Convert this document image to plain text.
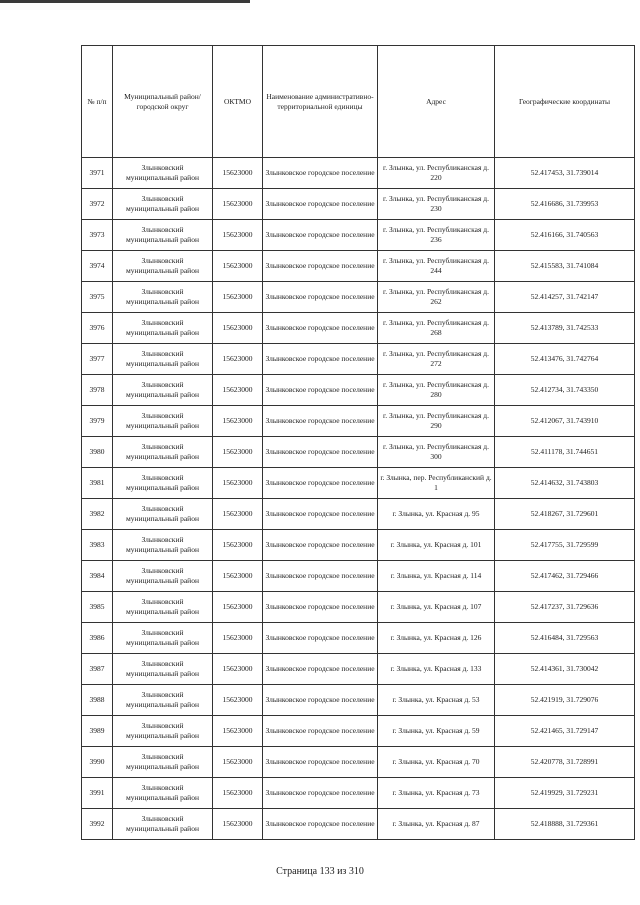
№ п/п	Муниципальный район/городской округ	ОКТМО	Наименование административно-территориальной единицы	Адрес	Географические координаты
3971	Злынковский муниципальный район	15623000	Злынковское городское поселение	г. Злынка, ул. Республиканская д. 220	52.417453, 31.739014
3972	Злынковский муниципальный район	15623000	Злынковское городское поселение	г. Злынка, ул. Республиканская д. 230	52.416686, 31.739953
3973	Злынковский муниципальный район	15623000	Злынковское городское поселение	г. Злынка, ул. Республиканская д. 236	52.416166, 31.740563
3974	Злынковский муниципальный район	15623000	Злынковское городское поселение	г. Злынка, ул. Республиканская д. 244	52.415583, 31.741084
3975	Злынковский муниципальный район	15623000	Злынковское городское поселение	г. Злынка, ул. Республиканская д. 262	52.414257, 31.742147
3976	Злынковский муниципальный район	15623000	Злынковское городское поселение	г. Злынка, ул. Республиканская д. 268	52.413789, 31.742533
3977	Злынковский муниципальный район	15623000	Злынковское городское поселение	г. Злынка, ул. Республиканская д. 272	52.413476, 31.742764
3978	Злынковский муниципальный район	15623000	Злынковское городское поселение	г. Злынка, ул. Республиканская д. 280	52.412734, 31.743350
3979	Злынковский муниципальный район	15623000	Злынковское городское поселение	г. Злынка, ул. Республиканская д. 290	52.412067, 31.743910
3980	Злынковский муниципальный район	15623000	Злынковское городское поселение	г. Злынка, ул. Республиканская д. 300	52.411178, 31.744651
3981	Злынковский муниципальный район	15623000	Злынковское городское поселение	г. Злынка, пер. Республиканский д. 1	52.414632, 31.743803
3982	Злынковский муниципальный район	15623000	Злынковское городское поселение	г. Злынка, ул. Красная д. 95	52.418267, 31.729601
3983	Злынковский муниципальный район	15623000	Злынковское городское поселение	г. Злынка, ул. Красная д. 101	52.417755, 31.729599
3984	Злынковский муниципальный район	15623000	Злынковское городское поселение	г. Злынка, ул. Красная д. 114	52.417462, 31.729466
3985	Злынковский муниципальный район	15623000	Злынковское городское поселение	г. Злынка, ул. Красная д. 107	52.417237, 31.729636
3986	Злынковский муниципальный район	15623000	Злынковское городское поселение	г. Злынка, ул. Красная д. 126	52.416484, 31.729563
3987	Злынковский муниципальный район	15623000	Злынковское городское поселение	г. Злынка, ул. Красная д. 133	52.414361, 31.730042
3988	Злынковский муниципальный район	15623000	Злынковское городское поселение	г. Злынка, ул. Красная д. 53	52.421919, 31.729076
3989	Злынковский муниципальный район	15623000	Злынковское городское поселение	г. Злынка, ул. Красная д. 59	52.421465, 31.729147
3990	Злынковский муниципальный район	15623000	Злынковское городское поселение	г. Злынка, ул. Красная д. 70	52.420778, 31.728991
3991	Злынковский муниципальный район	15623000	Злынковское городское поселение	г. Злынка, ул. Красная д. 73	52.419929, 31.729231
3992	Злынковский муниципальный район	15623000	Злынковское городское поселение	г. Злынка, ул. Красная д. 87	52.418888, 31.729361
Страница 133 из 310
